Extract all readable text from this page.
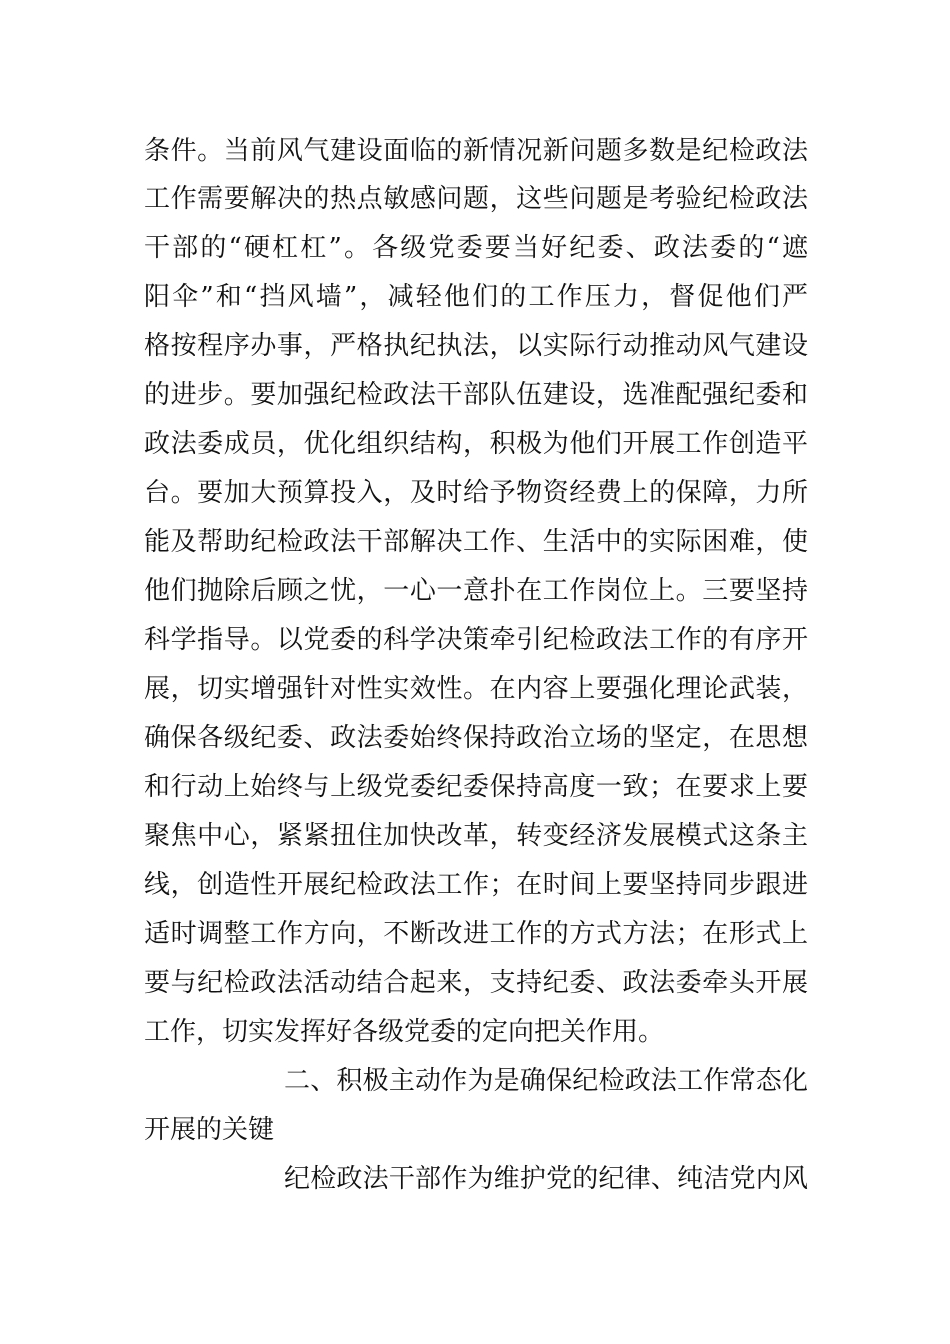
条件。当前风气建设面临的新情况新问题多数是纪检政法
工作需要解决的热点敏感问题，这些问题是考验纪检政法
干部的“硬杠杠”。各级党委要当好纪委、政法委的“遮
阳伞”和“挡风墙”，减轻他们的工作压力，督促他们严
格按程序办事，严格执纪执法，以实际行动推动风气建设
的进步。要加强纪检政法干部队伍建设，选准配强纪委和
政法委成员，优化组织结构，积极为他们开展工作创造平
台。要加大预算投入，及时给予物资经费上的保障，力所
能及帮助纪检政法干部解决工作、生活中的实际困难，使
他们抛除后顾之忧，一心一意扑在工作岗位上。三要坚持
科学指导。以党委的科学决策牵引纪检政法工作的有序开
展，切实增强针对性实效性。在内容上要强化理论武装，
确保各级纪委、政法委始终保持政治立场的坚定，在思想
和行动上始终与上级党委纪委保持高度一致；在要求上要
聚焦中心，紧紧扭住加快改革，转变经济发展模式这条主
线，创造性开展纪检政法工作；在时间上要坚持同步跟进
适时调整工作方向，不断改进工作的方式方法；在形式上
要与纪检政法活动结合起来，支持纪委、政法委牵头开展
工作，切实发挥好各级党委的定向把关作用。
二、积极主动作为是确保纪检政法工作常态化
开展的关键
纪检政法干部作为维护党的纪律、纯洁党内风
